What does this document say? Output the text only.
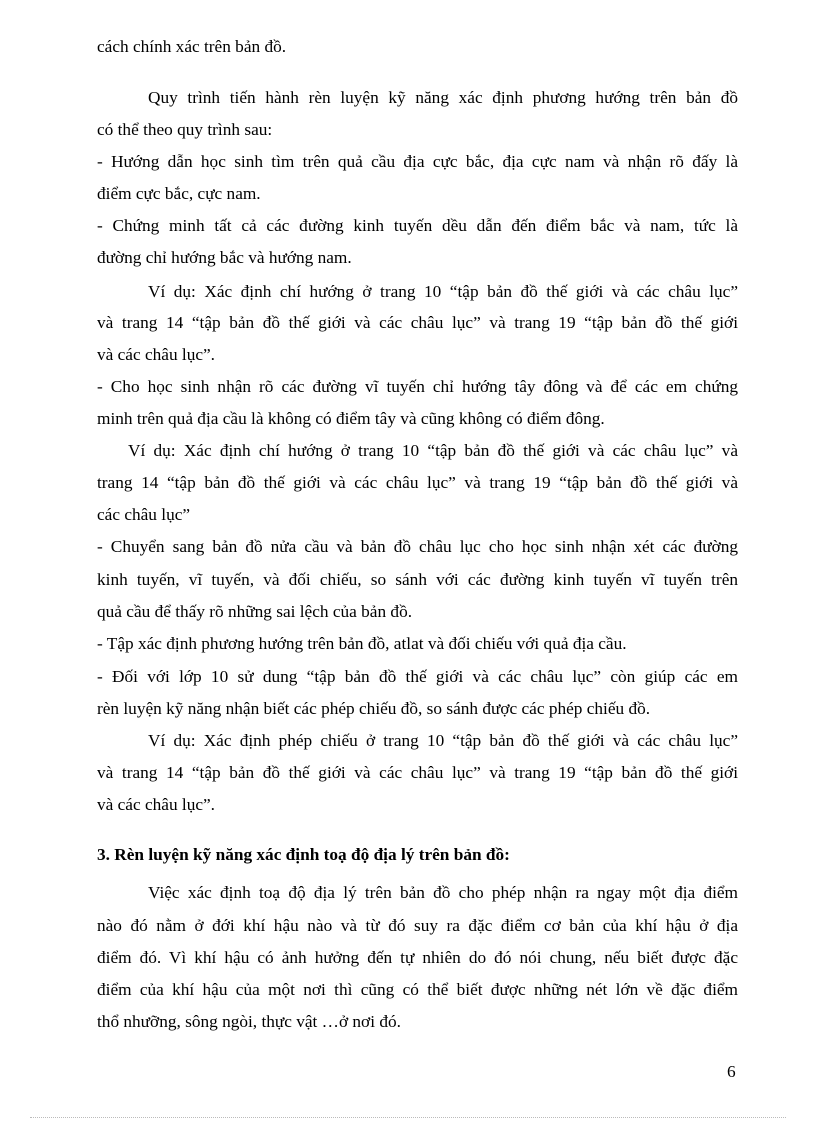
cách chính xác trên bản đồ.
Quy trình tiến hành rèn luyện kỹ năng xác định phương hướng trên bản đồ
có thể theo quy trình sau:
- Hướng dẫn học sinh tìm trên quả cầu địa cực bắc, địa cực nam và nhận rõ đấy là
điểm cực bắc, cực nam.
- Chứng minh tất cả các đường kinh tuyến dều dẫn đến điểm bắc và nam, tức là
đường chỉ hướng bắc và hướng nam.
Ví dụ: Xác định chí hướng ở trang 10 “tập bản đồ thế giới và các châu lục”
và trang 14 “tập bản đồ thế giới và các châu lục” và trang 19 “tập bản đồ thế giới
và các châu lục”.
- Cho học sinh nhận rõ các đường vĩ tuyến chỉ hướng tây đông và để các em chứng
minh trên quả địa cầu là không có điểm tây và cũng không có điểm đông.
Ví dụ: Xác định chí hướng ở trang 10 “tập bản đồ thế giới và các châu lục” và
trang 14 “tập bản đồ thế giới và các châu lục” và trang 19 “tập bản đồ thế giới và
các châu lục”
- Chuyển sang bản đồ nửa cầu và bản đồ châu lục cho học sinh nhận xét các đường
kinh tuyến, vĩ tuyến, và đối chiếu, so sánh với các đường kinh tuyến vĩ tuyến trên
quả cầu để thấy rõ những sai lệch của bản đồ.
- Tập xác định phương hướng trên bản đồ, atlat và đối chiếu với quả địa cầu.
- Đối với lớp 10 sử dung “tập bản đồ thế giới và các châu lục” còn giúp các em
rèn luyện kỹ năng nhận biết các phép chiếu đồ, so sánh được các phép chiếu đồ.
Ví dụ: Xác định phép chiếu ở trang 10 “tập bản đồ thế giới và các châu lục”
và trang 14 “tập bản đồ thế giới và các châu lục” và trang 19 “tập bản đồ thế giới
và các châu lục”.
3. Rèn luyện kỹ năng xác định toạ độ địa lý trên bản đồ:
Việc xác định toạ độ địa lý trên bản đồ cho phép nhận ra ngay một địa điểm
nào đó nằm ở đới khí hậu nào và từ đó suy ra đặc điểm cơ bản của khí hậu ở địa
điểm đó. Vì khí hậu có ảnh hưởng đến tự nhiên do đó nói chung, nếu biết được đặc
điểm của khí hậu của một nơi thì cũng có thể biết được những nét lớn về đặc điểm
thổ nhưỡng, sông ngòi, thực vật …ở nơi đó.
6
